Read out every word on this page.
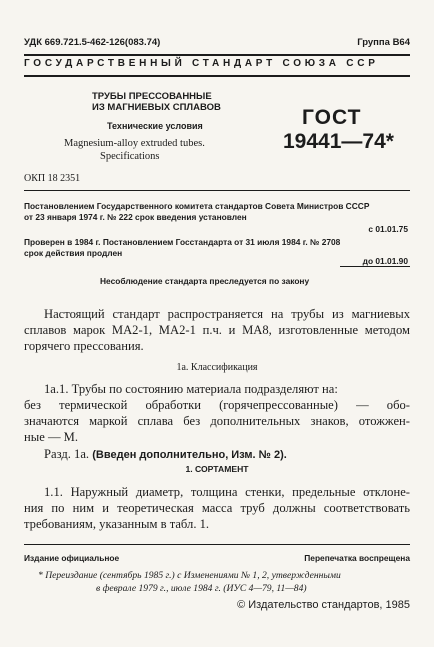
УДК 669.721.5-462-126(083.74)	Группа В64
ГОСУДАРСТВЕННЫЙ СТАНДАРТ СОЮЗА ССР
ТРУБЫ ПРЕССОВАННЫЕ
ИЗ МАГНИЕВЫХ СПЛАВОВ
Технические условия
Magnesium-alloy extruded tubes.
Specifications
ГОСТ
19441—74*
ОКП 18 2351
Постановлением Государственного комитета стандартов Совета Министров СССР
от 23 января 1974 г. № 222 срок введения установлен
с 01.01.75
Проверен в 1984 г. Постановлением Госстандарта от 31 июля 1984 г. № 2708
срок действия продлен
до 01.01.90
Несоблюдение стандарта преследуется по закону
Настоящий стандарт распространяется на трубы из магниевых
сплавов марок МА2-1, МА2-1 п.ч. и МА8, изготовленные методом
горячего прессования.
1а. Классификация
1а.1. Трубы по состоянию материала подразделяют на:
без термической обработки (горячепрессованные) — обо-
значаются маркой сплава без дополнительных знаков, отожжен-
ные — М.
Разд. 1а. (Введен дополнительно, Изм. № 2).
1. СОРТАМЕНТ
1.1. Наружный диаметр, толщина стенки, предельные отклоне-
ния по ним и теоретическая масса труб должны соответствовать
требованиям, указанным в табл. 1.
Издание официальное	Перепечатка воспрещена
* Переиздание (сентябрь 1985 г.) с Изменениями № 1, 2, утвержденными
в феврале 1979 г., июле 1984 г. (ИУС 4—79, 11—84)
© Издательство стандартов, 1985
